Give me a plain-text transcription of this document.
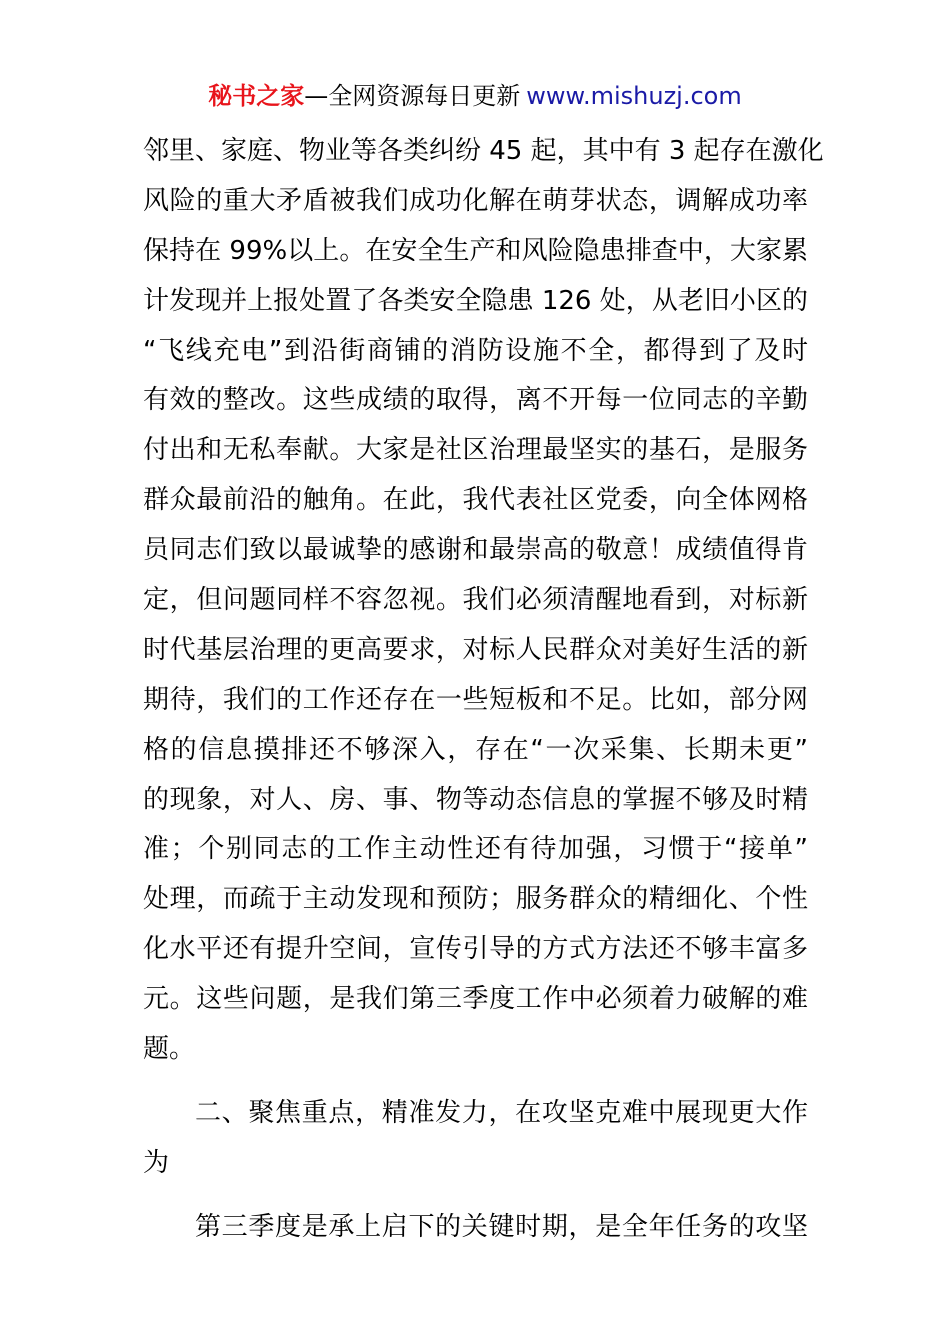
秘书之家—全网资源每日更新 www.mishuzj.com
邻里、家庭、物业等各类纠纷 45 起，其中有 3 起存在激化
风险的重大矛盾被我们成功化解在萌芽状态，调解成功率
保持在 99%以上。在安全生产和风险隐患排查中，大家累
计发现并上报处置了各类安全隐患 126 处，从老旧小区的
“飞线充电”到沿街商铺的消防设施不全，都得到了及时
有效的整改。这些成绩的取得，离不开每一位同志的辛勤
付出和无私奉献。大家是社区治理最坚实的基石，是服务
群众最前沿的触角。在此，我代表社区党委，向全体网格
员同志们致以最诚挚的感谢和最崇高的敬意！成绩值得肯
定，但问题同样不容忽视。我们必须清醒地看到，对标新
时代基层治理的更高要求，对标人民群众对美好生活的新
期待，我们的工作还存在一些短板和不足。比如，部分网
格的信息摸排还不够深入，存在“一次采集、长期未更”
的现象，对人、房、事、物等动态信息的掌握不够及时精
准；个别同志的工作主动性还有待加强，习惯于“接单”
处理，而疏于主动发现和预防；服务群众的精细化、个性
化水平还有提升空间，宣传引导的方式方法还不够丰富多
元。这些问题，是我们第三季度工作中必须着力破解的难
题。
二、聚焦重点，精准发力，在攻坚克难中展现更大作
为
第三季度是承上启下的关键时期，是全年任务的攻坚
